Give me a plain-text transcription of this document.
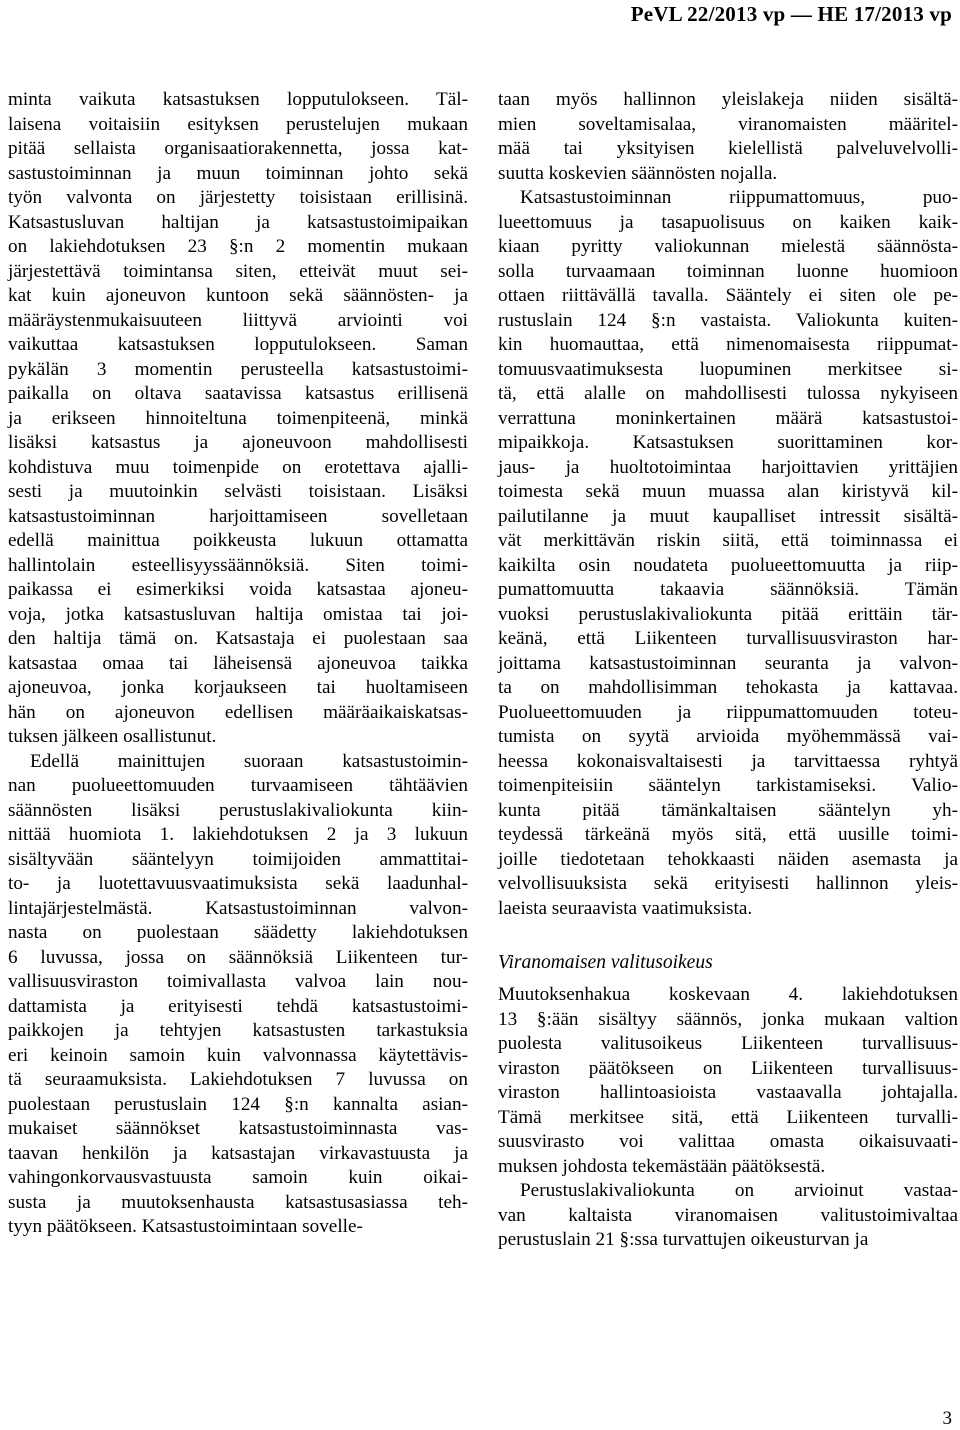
PeVL 22/2013 vp — HE 17/2013 vp

minta vaikuta katsastuksen lopputulokseen. Täl-
laisena voitaisiin esityksen perustelujen mukaan
pitää sellaista organisaatiorakennetta, jossa kat-
sastustoiminnan ja muun toiminnan johto sekä
työn valvonta on järjestetty toisistaan erillisinä.
Katsastusluvan haltijan ja katsastustoimipaikan
on lakiehdotuksen 23 §:n 2 momentin mukaan
järjestettävä toimintansa siten, etteivät muut sei-
kat kuin ajoneuvon kuntoon sekä säännösten- ja
määräystenmukaisuuteen liittyvä arviointi voi
vaikuttaa katsastuksen lopputulokseen. Saman
pykälän 3 momentin perusteella katsastustoimi-
paikalla on oltava saatavissa katsastus erillisenä
ja erikseen hinnoiteltuna toimenpiteenä, minkä
lisäksi katsastus ja ajoneuvoon mahdollisesti
kohdistuva muu toimenpide on erotettava ajalli-
sesti ja muutoinkin selvästi toisistaan. Lisäksi
katsastustoiminnan harjoittamiseen sovelletaan
edellä mainittua poikkeusta lukuun ottamatta
hallintolain esteellisyyssäännöksiä. Siten toimi-
paikassa ei esimerkiksi voida katsastaa ajoneu-
voja, jotka katsastusluvan haltija omistaa tai joi-
den haltija tämä on. Katsastaja ei puolestaan saa
katsastaa omaa tai läheisensä ajoneuvoa taikka
ajoneuvoa, jonka korjaukseen tai huoltamiseen
hän on ajoneuvon edellisen määräaikaiskatsas-
tuksen jälkeen osallistunut.

Edellä mainittujen suoraan katsastustoimin-
nan puolueettomuuden turvaamiseen tähtäävien
säännösten lisäksi perustuslakivaliokunta kiin-
nittää huomiota 1. lakiehdotuksen 2 ja 3 lukuun
sisältyvään sääntelyyn toimijoiden ammattitai-
to- ja luotettavuusvaatimuksista sekä laadunhal-
lintajärjestelmästä. Katsastustoiminnan valvon-
nasta on puolestaan säädetty lakiehdotuksen
6 luvussa, jossa on säännöksiä Liikenteen tur-
vallisuusviraston toimivallasta valvoa lain nou-
dattamista ja erityisesti tehdä katsastustoimi-
paikkojen ja tehtyjen katsastusten tarkastuksia
eri keinoin samoin kuin valvonnassa käytettävis-
tä seuraamuksista. Lakiehdotuksen 7 luvussa on
puolestaan perustuslain 124 §:n kannalta asian-
mukaiset säännökset katsastustoiminnasta vas-
taavan henkilön ja katsastajan virkavastuusta ja
vahingonkorvausvastuusta samoin kuin oikai-
susta ja muutoksenhausta katsastusasiassa teh-
tyyn päätökseen. Katsastustoimintaan sovelle-

taan myös hallinnon yleislakeja niiden sisältä-
mien soveltamisalaa, viranomaisten määritel-
mää tai yksityisen kielellistä palveluvelvolli-
suutta koskevien säännösten nojalla.

Katsastustoiminnan riippumattomuus, puo-
lueettomuus ja tasapuolisuus on kaiken kaik-
kiaan pyritty valiokunnan mielestä säännösta-
solla turvaamaan toiminnan luonne huomioon
ottaen riittävällä tavalla. Sääntely ei siten ole pe-
rustuslain 124 §:n vastaista. Valiokunta kuiten-
kin huomauttaa, että nimenomaisesta riippumat-
tomuusvaatimuksesta luopuminen merkitsee si-
tä, että alalle on mahdollisesti tulossa nykyiseen
verrattuna moninkertainen määrä katsastustoi-
mipaikkoja. Katsastuksen suorittaminen kor-
jaus- ja huoltotoimintaa harjoittavien yrittäjien
toimesta sekä muun muassa alan kiristyvä kil-
pailutilanne ja muut kaupalliset intressit sisältä-
vät merkittävän riskin siitä, että toiminnassa ei
kaikilta osin noudateta puolueettomuutta ja riip-
pumattomuutta takaavia säännöksiä. Tämän
vuoksi perustuslakivaliokunta pitää erittäin tär-
keänä, että Liikenteen turvallisuusviraston har-
joittama katsastustoiminnan seuranta ja valvon-
ta on mahdollisimman tehokasta ja kattavaa.
Puolueettomuuden ja riippumattomuuden toteu-
tumista on syytä arvioida myöhemmässä vai-
heessa kokonaisvaltaisesti ja tarvittaessa ryhtyä
toimenpiteisiin sääntelyn tarkistamiseksi. Valio-
kunta pitää tämänkaltaisen sääntelyn yh-
teydessä tärkeänä myös sitä, että uusille toimi-
joille tiedotetaan tehokkaasti näiden asemasta ja
velvollisuuksista sekä erityisesti hallinnon yleis-
laeista seuraavista vaatimuksista.

Viranomaisen valitusoikeus

Muutoksenhakua koskevaan 4. lakiehdotuksen
13 §:ään sisältyy säännös, jonka mukaan valtion
puolesta valitusoikeus Liikenteen turvallisuus-
viraston päätökseen on Liikenteen turvallisuus-
viraston hallintoasioista vastaavalla johtajalla.
Tämä merkitsee sitä, että Liikenteen turvalli-
suusvirasto voi valittaa omasta oikaisuvaati-
muksen johdosta tekemästään päätöksestä.

Perustuslakivaliokunta on arvioinut vastaa-
van kaltaista viranomaisen valitustoimivaltaa
perustuslain 21 §:ssa turvattujen oikeusturvan ja

3
